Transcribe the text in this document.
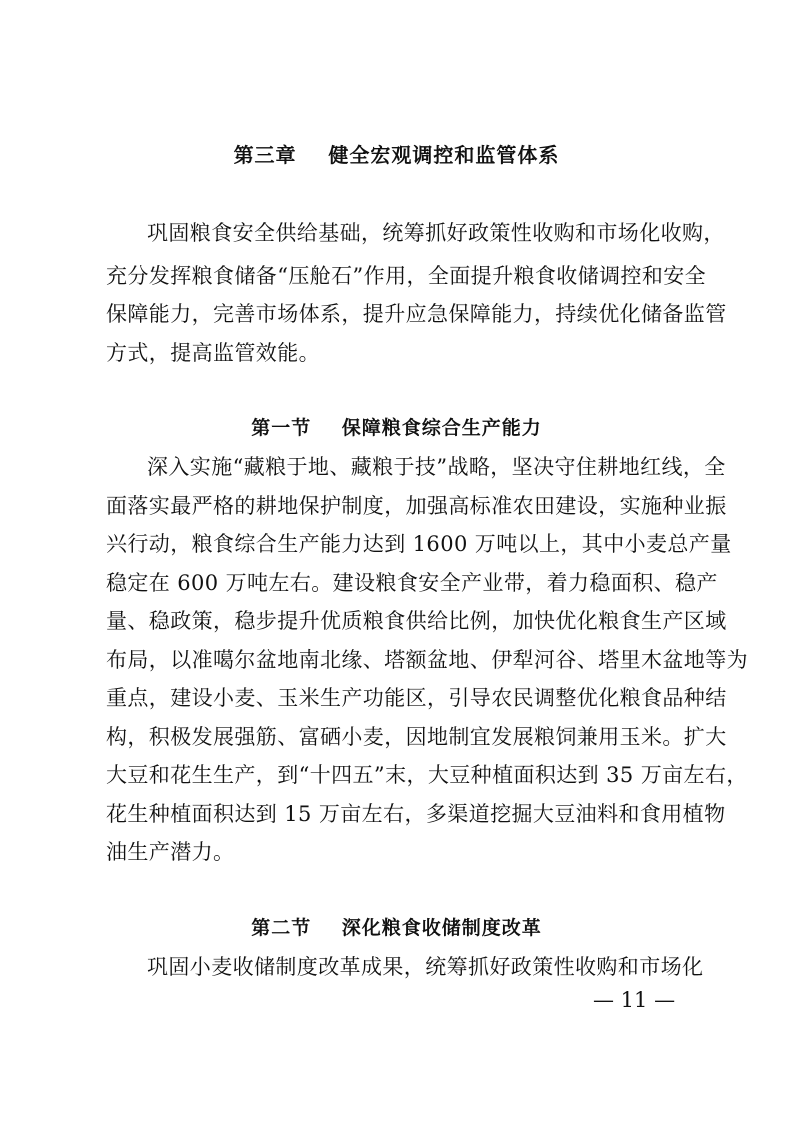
第三章    健全宏观调控和监管体系
巩固粮食安全供给基础，统筹抓好政策性收购和市场化收购，
充分发挥粮食储备“压舱石”作用，全面提升粮食收储调控和安全
保障能力，完善市场体系，提升应急保障能力，持续优化储备监管
方式，提高监管效能。
第一节    保障粮食综合生产能力
深入实施“藏粮于地、藏粮于技”战略，坚决守住耕地红线，全
面落实最严格的耕地保护制度，加强高标准农田建设，实施种业振
兴行动，粮食综合生产能力达到 1600 万吨以上，其中小麦总产量
稳定在 600 万吨左右。建设粮食安全产业带，着力稳面积、稳产
量、稳政策，稳步提升优质粮食供给比例，加快优化粮食生产区域
布局，以准噶尔盆地南北缘、塔额盆地、伊犁河谷、塔里木盆地等为
重点，建设小麦、玉米生产功能区，引导农民调整优化粮食品种结
构，积极发展强筋、富硒小麦，因地制宜发展粮饲兼用玉米。扩大
大豆和花生生产，到“十四五”末，大豆种植面积达到 35 万亩左右，
花生种植面积达到 15 万亩左右，多渠道挖掘大豆油料和食用植物
油生产潜力。
第二节    深化粮食收储制度改革
巩固小麦收储制度改革成果，统筹抓好政策性收购和市场化
— 11 —
